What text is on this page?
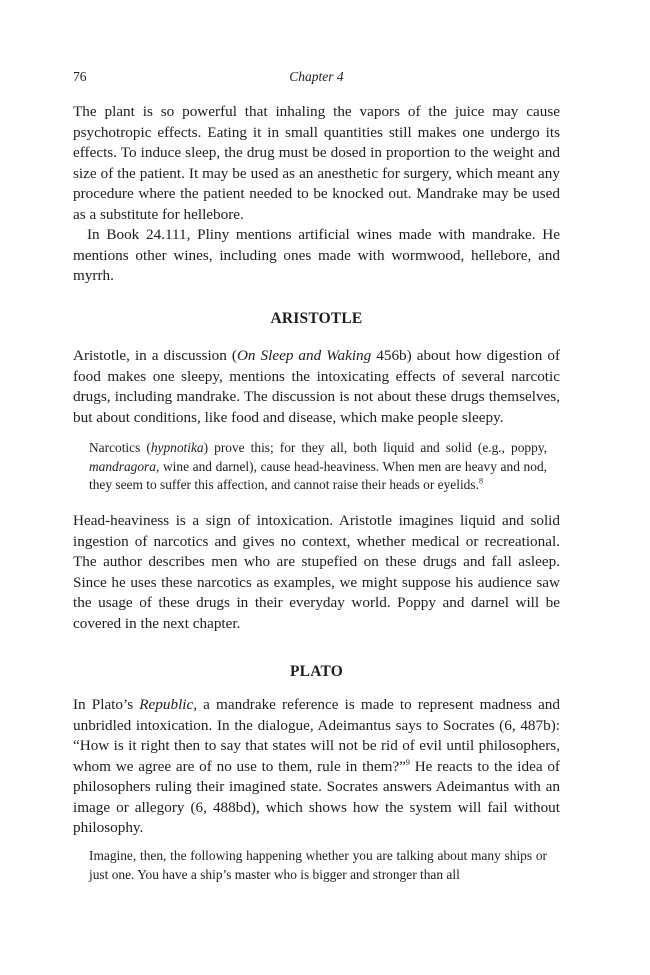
76	Chapter 4

The plant is so powerful that inhaling the vapors of the juice may cause psychotropic effects. Eating it in small quantities still makes one undergo its effects. To induce sleep, the drug must be dosed in proportion to the weight and size of the patient. It may be used as an anesthetic for surgery, which meant any procedure where the patient needed to be knocked out. Mandrake may be used as a substitute for hellebore.

In Book 24.111, Pliny mentions artificial wines made with mandrake. He mentions other wines, including ones made with wormwood, hellebore, and myrrh.

ARISTOTLE

Aristotle, in a discussion (On Sleep and Waking 456b) about how digestion of food makes one sleepy, mentions the intoxicating effects of several narcotic drugs, including mandrake. The discussion is not about these drugs themselves, but about conditions, like food and disease, which make people sleepy.

Narcotics (hypnotika) prove this; for they all, both liquid and solid (e.g., poppy, mandragora, wine and darnel), cause head-heaviness. When men are heavy and nod, they seem to suffer this affection, and cannot raise their heads or eyelids.$^8$

Head-heaviness is a sign of intoxication. Aristotle imagines liquid and solid ingestion of narcotics and gives no context, whether medical or recreational. The author describes men who are stupefied on these drugs and fall asleep. Since he uses these narcotics as examples, we might suppose his audience saw the usage of these drugs in their everyday world. Poppy and darnel will be covered in the next chapter.

PLATO

In Plato’s Republic, a mandrake reference is made to represent madness and unbridled intoxication. In the dialogue, Adeimantus says to Socrates (6, 487b): “How is it right then to say that states will not be rid of evil until philosophers, whom we agree are of no use to them, rule in them?”$^9$ He reacts to the idea of philosophers ruling their imagined state. Socrates answers Adeimantus with an image or allegory (6, 488bd), which shows how the system will fail without philosophy.

Imagine, then, the following happening whether you are talking about many ships or just one. You have a ship’s master who is bigger and stronger than all
